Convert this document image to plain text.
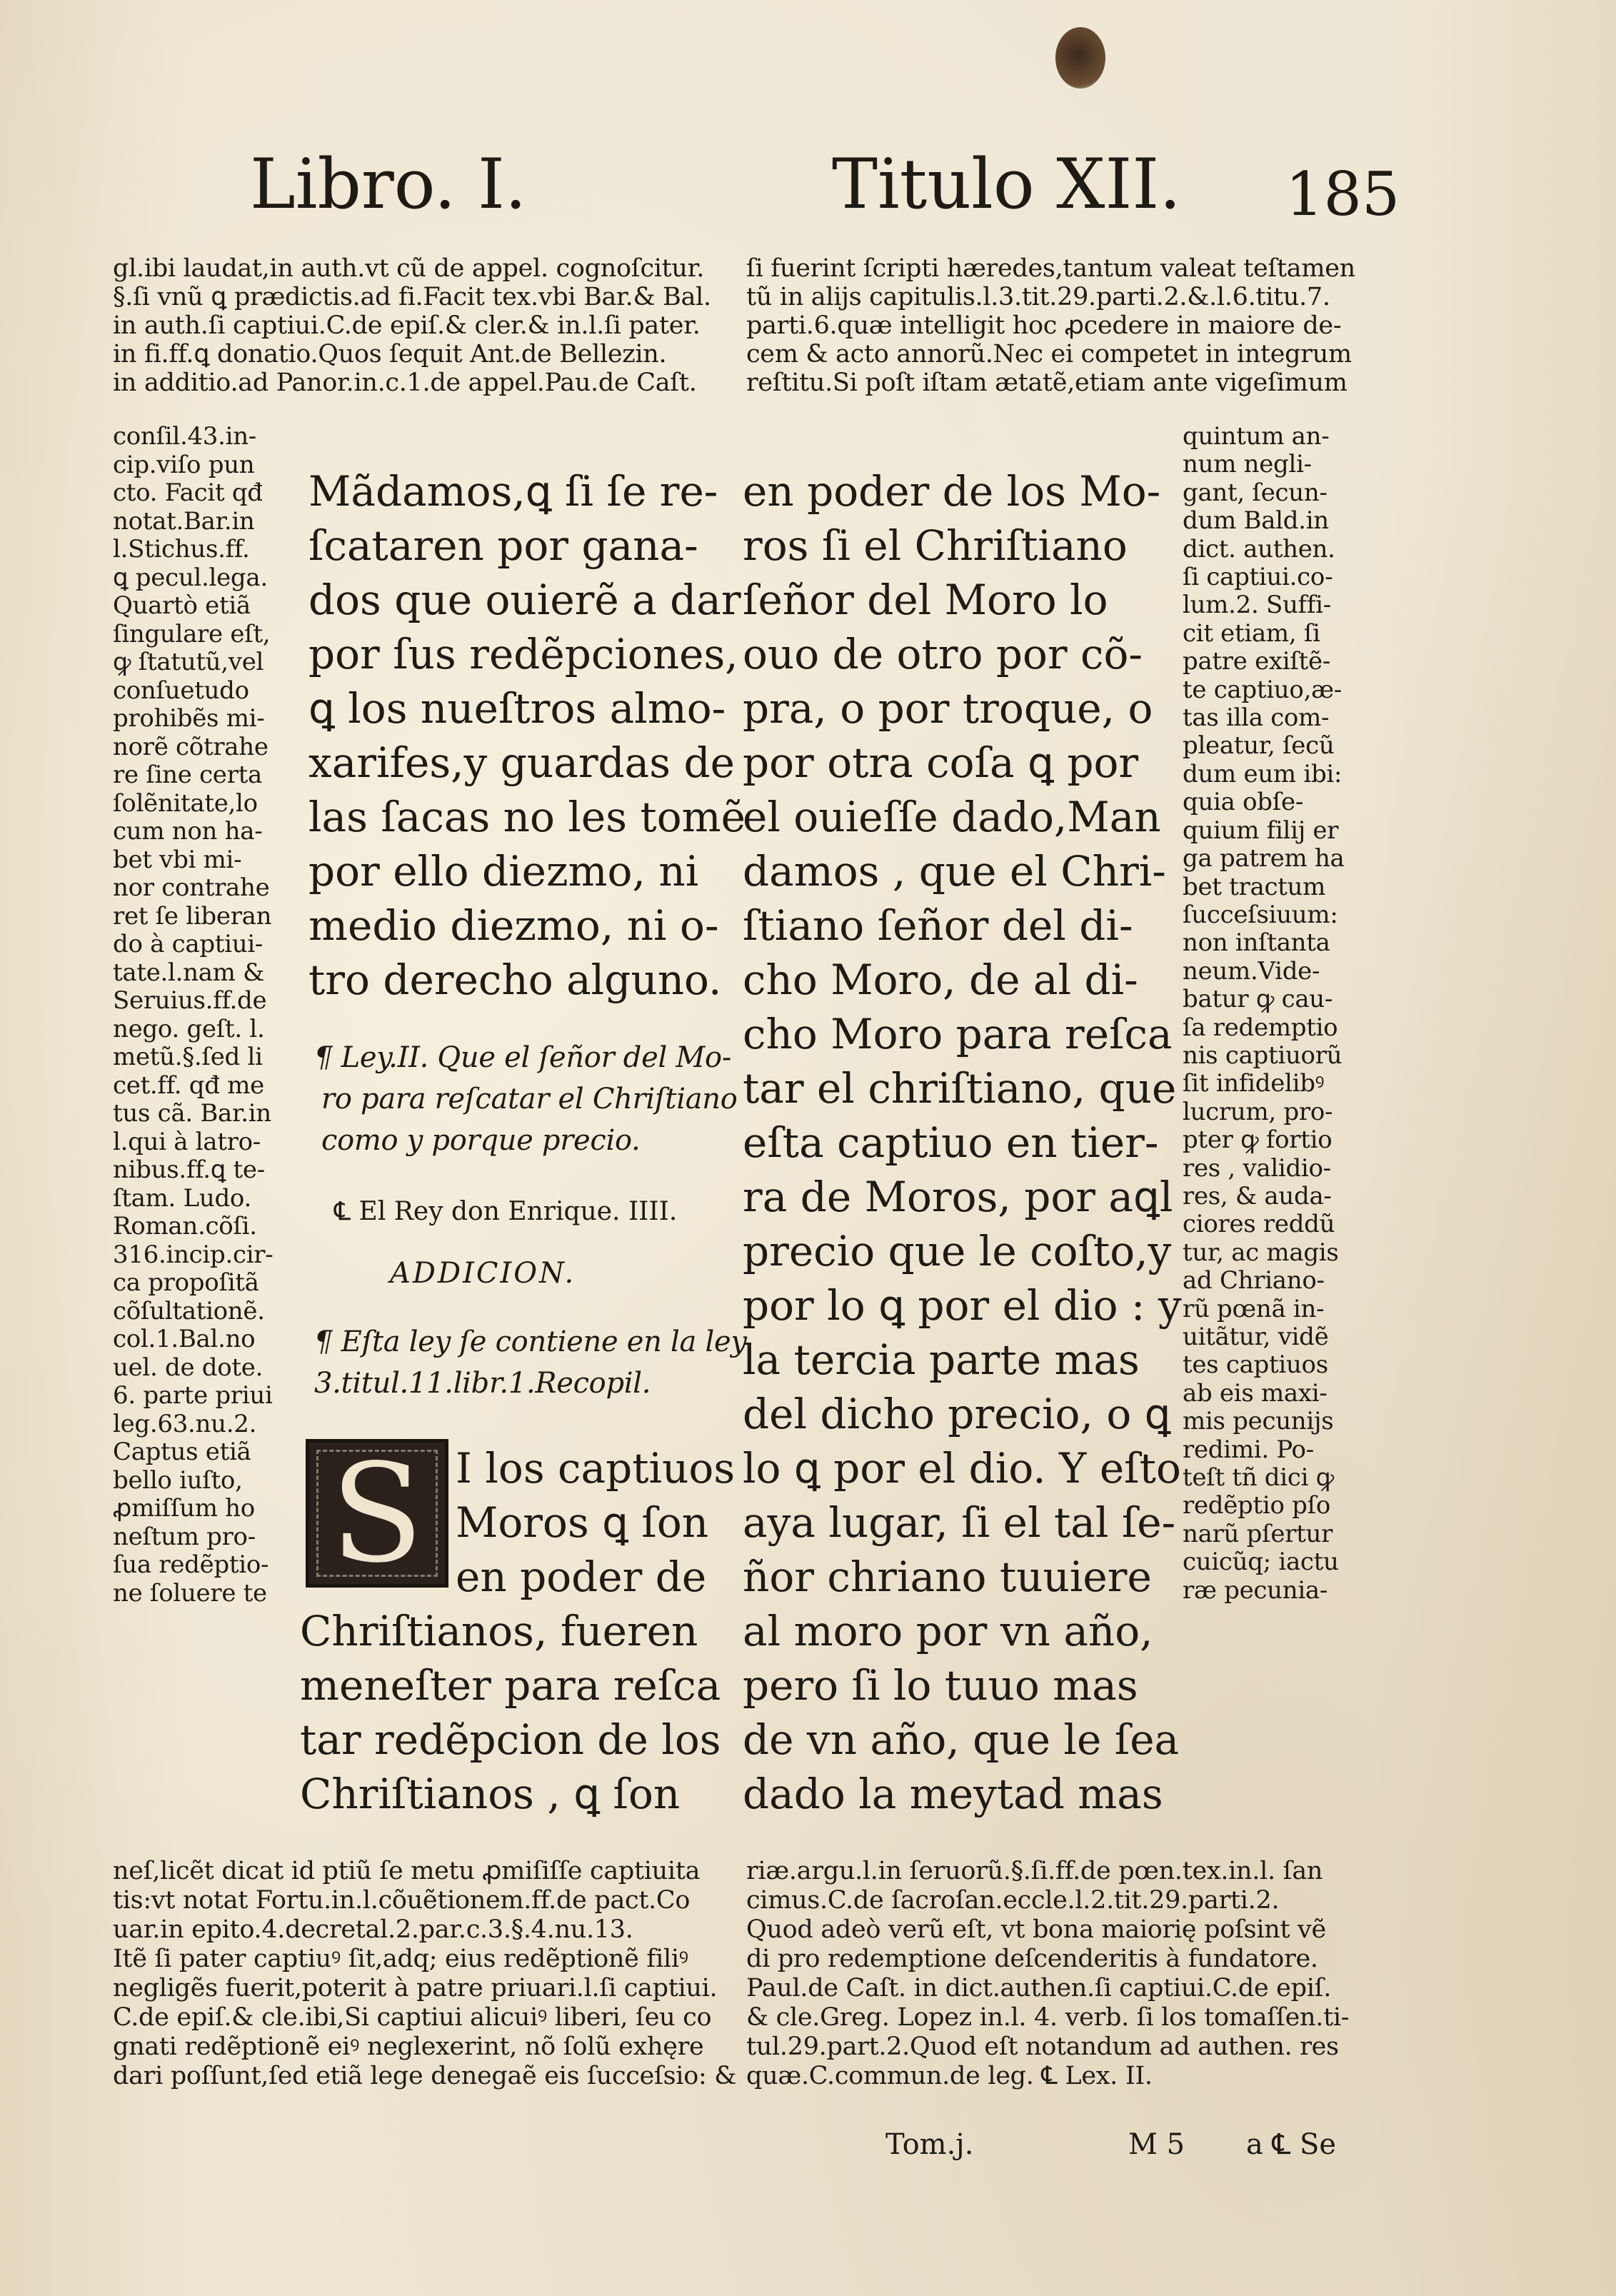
Libro. I.	Titulo XII. 185
gl.ibi laudat,in auth.vt cũ de appel. cognoſcitur.
§.ſi vnũ ꝗ prædictis.ad fi.Facit tex.vbi Bar.& Bal.
in auth.ſi captiui.C.de epiſ.& cler.& in.l.ſi pater.
in fi.ff.ꝗ donatio.Quos ſequit Ant.de Bellezin.
in additio.ad Panor.in.c.1.de appel.Pau.de Caſt.
ſi fuerint ſcripti hæredes,tantum valeat teſtamen
tũ in alijs capitulis.l.3.tit.29.parti.2.&.l.6.titu.7.
parti.6.quæ intelligit hoc ꝓcedere in maiore de-
cem & acto annorũ.Nec ei competet in integrum
reſtitu.Si poſt iſtam ætatẽ,etiam ante vigeſimum
conſil.43.in-
cip.viſo pun
cto. Facit qđ
notat.Bar.in
l.Stichus.ff.
ꝗ pecul.lega.
Quartò etiã
ſingulare eſt,
ꝙ ſtatutũ,vel
conſuetudo
prohibẽs mi-
norẽ cõtrahe
re ſine certa
ſolẽnitate,lo
cum non ha-
bet vbi mi-
nor contrahe
ret ſe liberan
do à captiui-
tate.l.nam &
Seruius.ff.de
nego. geſt. l.
metũ.§.ſed li
cet.ff. qđ me
tus cã. Bar.in
l.qui à latro-
nibus.ff.ꝗ te-
ſtam. Ludo.
Roman.cõſi.
316.incip.cir-
ca propoſitã
cõſultationẽ.
col.1.Bal.no
uel. de dote.
6. parte priui
leg.63.nu.2.
Captus etiã
bello iuſto,
ꝓmiſſum ho
neſtum pro-
ſua redẽptio-
ne ſoluere te
Mãdamos,ꝗ ſi ſe re-
ſcataren por gana-
dos que ouierẽ a dar
por ſus redẽpciones,
ꝗ los nueſtros almo-
xarifes,y guardas de
las ſacas no les tomẽ
por ello diezmo, ni
medio diezmo, ni o-
tro derecho alguno.
¶ Ley.II. Que el ſeñor del Mo-
ro para reſcatar el Chriſtiano
como y porque precio.
℄ El Rey don Enrique. IIII.
ADDICION.
¶ Eſta ley ſe contiene en la ley
3.titul.11.libr.1.Recopil.
S I los captiuos
Moros ꝗ ſon
en poder de
Chriſtianos, fueren
meneſter para reſca
tar redẽpcion de los
Chriſtianos , ꝗ ſon
en poder de los Mo-
ros ſi el Chriſtiano
ſeñor del Moro lo
ouo de otro por cõ-
pra, o por troque, o
por otra coſa ꝗ por
el ouieſſe dado,Man
damos , que el Chri-
ſtiano ſeñor del di-
cho Moro, de al di-
cho Moro para reſca
tar el chriſtiano, que
eſta captiuo en tier-
ra de Moros, por aꝗl
precio que le coſto,y
por lo ꝗ por el dio : y
la tercia parte mas
del dicho precio, o ꝗ
lo ꝗ por el dio. Y eſto
aya lugar, ſi el tal ſe-
ñor chriano tuuiere
al moro por vn año,
pero ſi lo tuuo mas
de vn año, que le ſea
dado la meytad mas
quintum an-
num negli-
gant, ſecun-
dum Bald.in
dict. authen.
ſi captiui.co-
lum.2. Suffi-
cit etiam, ſi
patre exiſtẽ-
te captiuo,æ-
tas illa com-
pleatur, ſecũ
dum eum ibi:
quia obſe-
quium filij er
ga patrem ha
bet tractum
ſucceſsiuum:
non inſtanta
neum.Vide-
batur ꝙ cau-
ſa redemptio
nis captiuorũ
ſit infidelibꝰ
lucrum, pro-
pter ꝙ fortio
res , validio-
res, & auda-
ciores reddũ
tur, ac magis
ad Chriano-
rũ pœnã in-
uitãtur, vidẽ
tes captiuos
ab eis maxi-
mis pecunijs
redimi. Po-
teſt tñ dici ꝙ
redẽptio pſo
narũ pſertur
cuicũq; iactu
ræ pecunia-
neſ,licẽt dicat id ptiũ ſe metu ꝓmiſiſſe captiuita
tis:vt notat Fortu.in.l.cõuẽtionem.ff.de pact.Co
uar.in epito.4.decretal.2.par.c.3.§.4.nu.13.
Itẽ ſi pater captiuꝰ ſit,adq; eius redẽptionẽ filiꝰ
negligẽs fuerit,poterit à patre priuari.l.ſi captiui.
C.de epiſ.& cle.ibi,Si captiui alicuiꝰ liberi, ſeu co
gnati redẽptionẽ eiꝰ neglexerint, nõ ſolũ exhęre
dari poſſunt,ſed etiã lege denegaẽ eis ſucceſsio: &
riæ.argu.l.in ſeruorũ.§.ſi.ff.de pœn.tex.in.l. ſan
cimus.C.de ſacroſan.eccle.l.2.tit.29.parti.2.
Quod adeò verũ eſt, vt bona maiorię poſsint vẽ
di pro redemptione deſcenderitis à fundatore.
Paul.de Caſt. in dict.authen.ſi captiui.C.de epiſ.
& cle.Greg. Lopez in.l. 4. verb. ſi los tomaſſen.ti-
tul.29.part.2.Quod eſt notandum ad authen. res
quæ.C.commun.de leg. ℄ Lex. II.
Tom.j.	M 5 a ℄ Se
